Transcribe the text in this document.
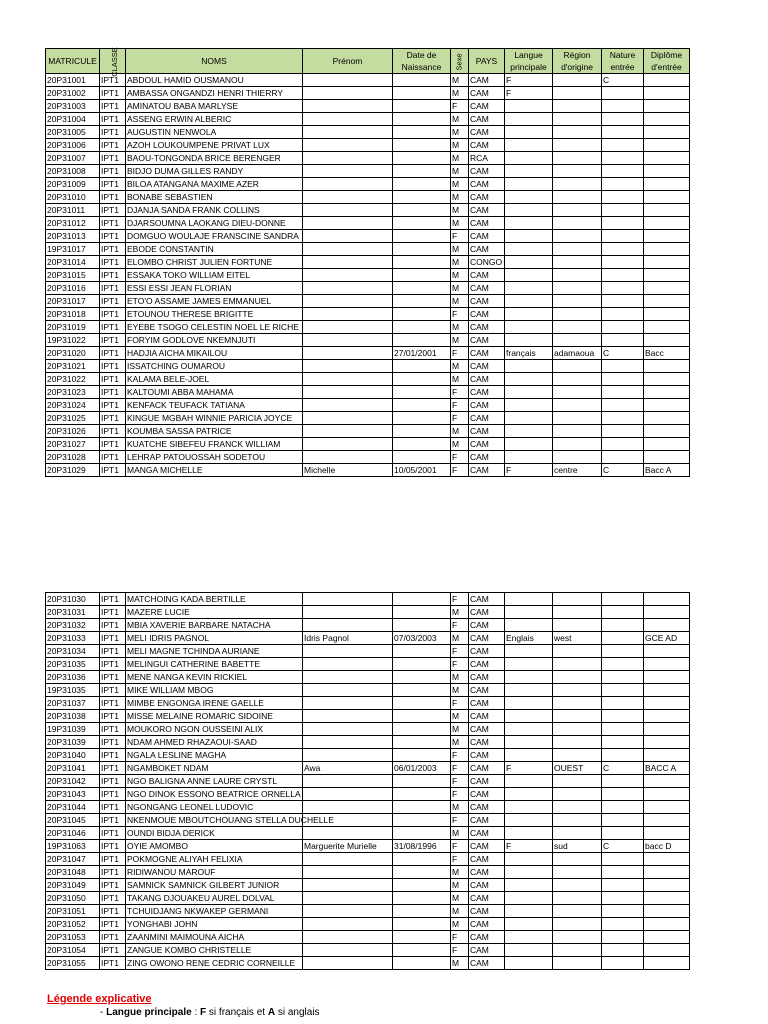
MATRICULE	CLASSE	NOMS	Prénom	Date de Naissance	Sexe	PAYS	Langue principale	Région d'origine	Nature entrée	Diplôme d'entrée
20P31001	IPT1	ABDOUL HAMID OUSMANOU			M	CAM	F		C	
20P31002	IPT1	AMBASSA ONGANDZI HENRI THIERRY			M	CAM	F			
20P31003	IPT1	AMINATOU BABA MARLYSE			F	CAM				
20P31004	IPT1	ASSENG ERWIN ALBERIC			M	CAM				
20P31005	IPT1	AUGUSTIN NENWOLA			M	CAM				
20P31006	IPT1	AZOH LOUKOUMPENE PRIVAT LUX			M	CAM				
20P31007	IPT1	BAOU-TONGONDA BRICE BERENGER			M	RCA				
20P31008	IPT1	BIDJO DUMA GILLES RANDY			M	CAM				
20P31009	IPT1	BILOA ATANGANA MAXIME AZER			M	CAM				
20P31010	IPT1	BONABE SEBASTIEN			M	CAM				
20P31011	IPT1	DJANJA SANDA FRANK COLLINS			M	CAM				
20P31012	IPT1	DJARSOUMNA LAOKANG DIEU-DONNE			M	CAM				
20P31013	IPT1	DOMGUO WOULAJE FRANSCINE SANDRA			F	CAM				
19P31017	IPT1	EBODE CONSTANTIN			M	CAM				
20P31014	IPT1	ELOMBO CHRIST JULIEN FORTUNE			M	CONGO				
20P31015	IPT1	ESSAKA TOKO WILLIAM EITEL			M	CAM				
20P31016	IPT1	ESSI ESSI JEAN FLORIAN			M	CAM				
20P31017	IPT1	ETO'O ASSAME JAMES EMMANUEL			M	CAM				
20P31018	IPT1	ETOUNOU THERESE BRIGITTE			F	CAM				
20P31019	IPT1	EYEBE TSOGO CELESTIN NOEL LE RICHE			M	CAM				
19P31022	IPT1	FORYIM GODLOVE NKEMNJUTI			M	CAM				
20P31020	IPT1	HADJIA AICHA MIKAILOU		27/01/2001	F	CAM	français	adamaoua	C	Bacc
20P31021	IPT1	ISSATCHING OUMAROU			M	CAM				
20P31022	IPT1	KALAMA BELE-JOEL			M	CAM				
20P31023	IPT1	KALTOUMI ABBA MAHAMA			F	CAM				
20P31024	IPT1	KENFACK TEUFACK TATIANA			F	CAM				
20P31025	IPT1	KINGUE MGBAH WINNIE PARICIA JOYCE			F	CAM				
20P31026	IPT1	KOUMBA SASSA PATRICE			M	CAM				
20P31027	IPT1	KUATCHE SIBEFEU FRANCK WILLIAM			M	CAM				
20P31028	IPT1	LEHRAP PATOUOSSAH SODETOU			F	CAM				
20P31029	IPT1	MANGA MICHELLE	Michelle	10/05/2001	F	CAM	F	centre	C	Bacc A
20P31030	IPT1	MATCHOING KADA BERTILLE			F	CAM				
20P31031	IPT1	MAZERE LUCIE			M	CAM				
20P31032	IPT1	MBIA XAVERIE BARBARE NATACHA			F	CAM				
20P31033	IPT1	MELI IDRIS PAGNOL	Idris Pagnol	07/03/2003	M	CAM	Englais	west		GCE AD
20P31034	IPT1	MELI MAGNE TCHINDA AURIANE			F	CAM				
20P31035	IPT1	MELINGUI CATHERINE BABETTE			F	CAM				
20P31036	IPT1	MENE NANGA KEVIN RICKIEL			M	CAM				
19P31035	IPT1	MIKE WILLIAM MBOG			M	CAM				
20P31037	IPT1	MIMBE ENGONGA IRENE GAELLE			F	CAM				
20P31038	IPT1	MISSE MELAINE ROMARIC SIDOINE			M	CAM				
19P31039	IPT1	MOUKORO NGON OUSSEINI ALIX			M	CAM				
20P31039	IPT1	NDAM AHMED RHAZAOUI-SAAD			M	CAM				
20P31040	IPT1	NGALA LESLINE MAGHA			F	CAM				
20P31041	IPT1	NGAMBOKET NDAM	Awa	06/01/2003	F	CAM	F	OUEST	C	BACC A
20P31042	IPT1	NGO BALIGNA ANNE LAURE CRYSTL			F	CAM				
20P31043	IPT1	NGO DINOK ESSONO BEATRICE ORNELLA			F	CAM				
20P31044	IPT1	NGONGANG LEONEL LUDOVIC			M	CAM				
20P31045	IPT1	NKENMOUE MBOUTCHOUANG STELLA DUCHELLE			F	CAM				
20P31046	IPT1	OUNDI BIDJA DERICK			M	CAM				
19P31063	IPT1	OYIE AMOMBO	Marguerite Murielle	31/08/1996	F	CAM	F	sud	C	bacc D
20P31047	IPT1	POKMOGNE ALIYAH FELIXIA			F	CAM				
20P31048	IPT1	RIDIWANOU MAROUF			M	CAM				
20P31049	IPT1	SAMNICK SAMNICK GILBERT JUNIOR			M	CAM				
20P31050	IPT1	TAKANG DJOUAKEU AUREL DOLVAL			M	CAM				
20P31051	IPT1	TCHUIDJANG NKWAKEP GERMANI			M	CAM				
20P31052	IPT1	YONGHABI JOHN			M	CAM				
20P31053	IPT1	ZAANMINI MAIMOUNA AICHA			F	CAM				
20P31054	IPT1	ZANGUE KOMBO CHRISTELLE			F	CAM				
20P31055	IPT1	ZING OWONO RENE CEDRIC CORNEILLE			M	CAM				
Légende explicative
- Langue principale : F si français et A si anglais
